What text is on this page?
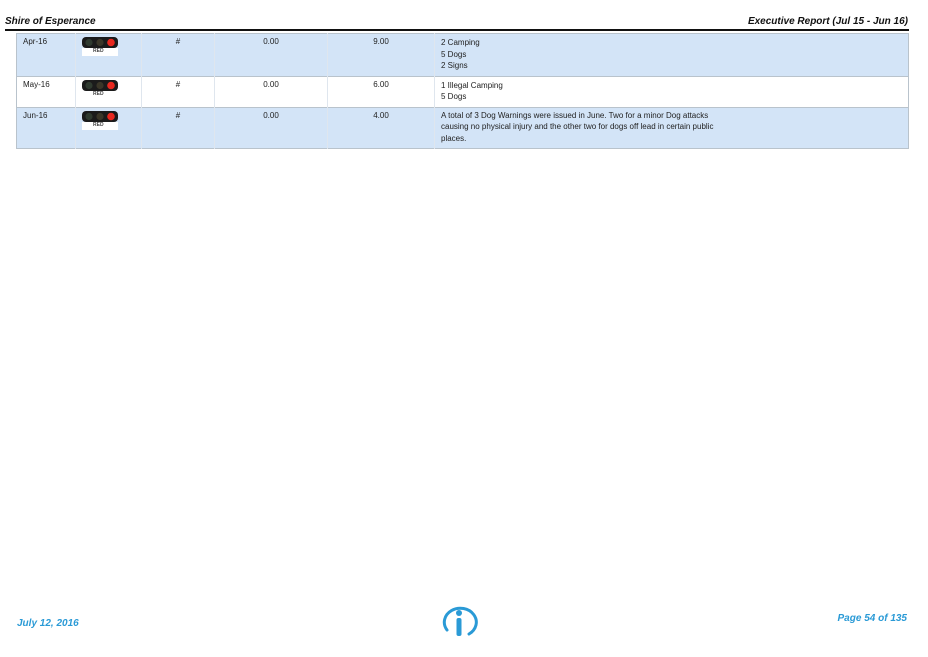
Shire of Esperance	Executive Report (Jul 15 - Jun 16)
Apr-16	RED	#	0.00	9.00	2 Camping
5 Dogs
2 Signs

May-16	RED	#	0.00	6.00	1 Illegal Camping
5 Dogs

Jun-16	RED	#	0.00	4.00	A total of 3 Dog Warnings were issued in June. Two for a minor Dog attacks
causing no physical injury and the other two for dogs off lead in certain public
places.
July 12, 2016	Page 54 of 135
